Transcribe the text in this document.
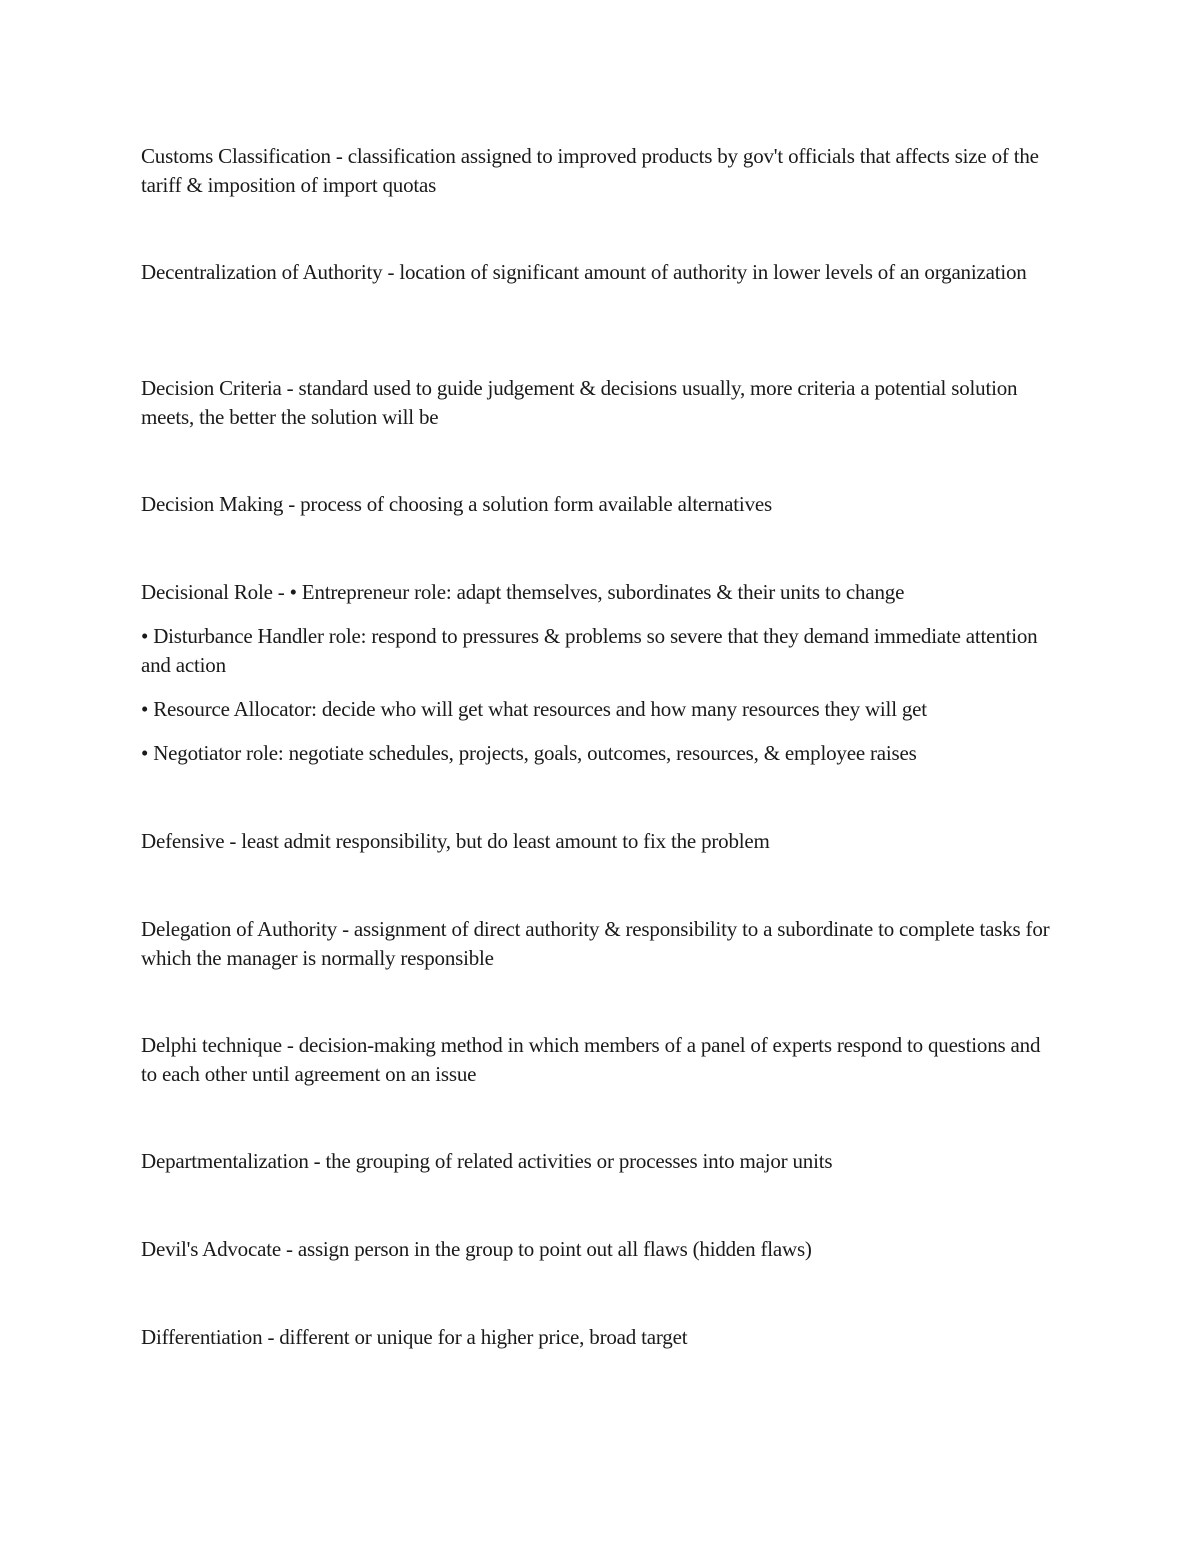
Customs Classification - classification assigned to improved products by gov't officials that affects size of the tariff & imposition of import quotas

Decentralization of Authority - location of significant amount of authority in lower levels of an organization

Decision Criteria - standard used to guide judgement & decisions usually, more criteria a potential solution meets, the better the solution will be

Decision Making - process of choosing a solution form available alternatives

Decisional Role - • Entrepreneur role: adapt themselves, subordinates & their units to change

• Disturbance Handler role: respond to pressures & problems so severe that they demand immediate attention and action

• Resource Allocator: decide who will get what resources and how many resources they will get

• Negotiator role: negotiate schedules, projects, goals, outcomes, resources, & employee raises

Defensive - least admit responsibility, but do least amount to fix the problem

Delegation of Authority - assignment of direct authority & responsibility to a subordinate to complete tasks for which the manager is normally responsible

Delphi technique - decision-making method in which members of a panel of experts respond to questions and to each other until agreement on an issue

Departmentalization - the grouping of related activities or processes into major units

Devil's Advocate - assign person in the group to point out all flaws (hidden flaws)

Differentiation - different or unique for a higher price, broad target
